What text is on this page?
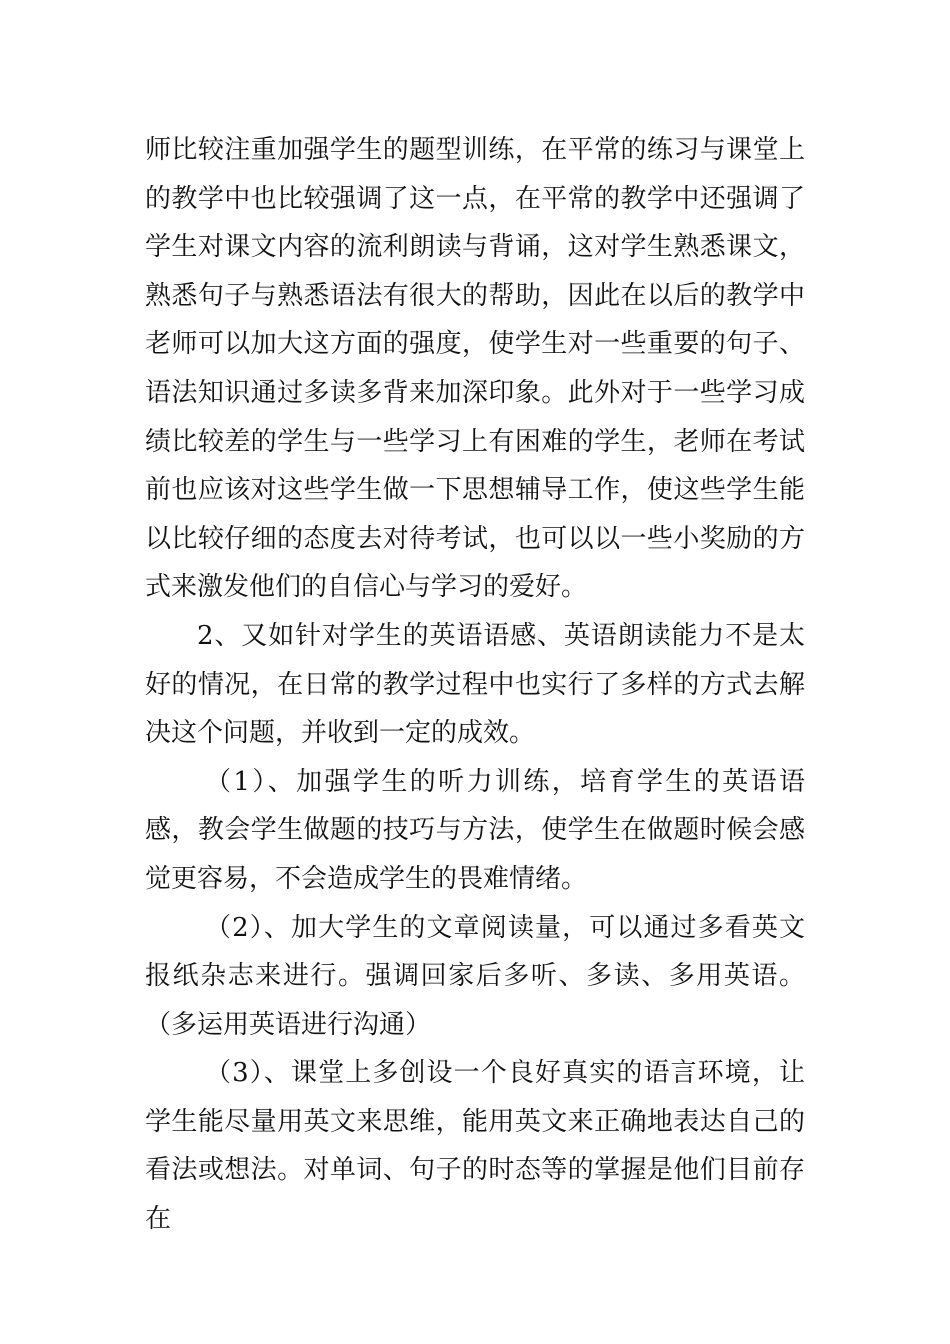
师比较注重加强学生的题型训练，在平常的练习与课堂上的教学中也比较强调了这一点，在平常的教学中还强调了学生对课文内容的流利朗读与背诵，这对学生熟悉课文，熟悉句子与熟悉语法有很大的帮助，因此在以后的教学中老师可以加大这方面的强度，使学生对一些重要的句子、语法知识通过多读多背来加深印象。此外对于一些学习成绩比较差的学生与一些学习上有困难的学生，老师在考试前也应该对这些学生做一下思想辅导工作，使这些学生能以比较仔细的态度去对待考试，也可以以一些小奖励的方式来激发他们的自信心与学习的爱好。

2、又如针对学生的英语语感、英语朗读能力不是太好的情况，在日常的教学过程中也实行了多样的方式去解决这个问题，并收到一定的成效。

（1）、加强学生的听力训练，培育学生的英语语感，教会学生做题的技巧与方法，使学生在做题时候会感觉更容易，不会造成学生的畏难情绪。

（2）、加大学生的文章阅读量，可以通过多看英文报纸杂志来进行。强调回家后多听、多读、多用英语。（多运用英语进行沟通）

（3）、课堂上多创设一个良好真实的语言环境，让学生能尽量用英文来思维，能用英文来正确地表达自己的看法或想法。对单词、句子的时态等的掌握是他们目前存在
